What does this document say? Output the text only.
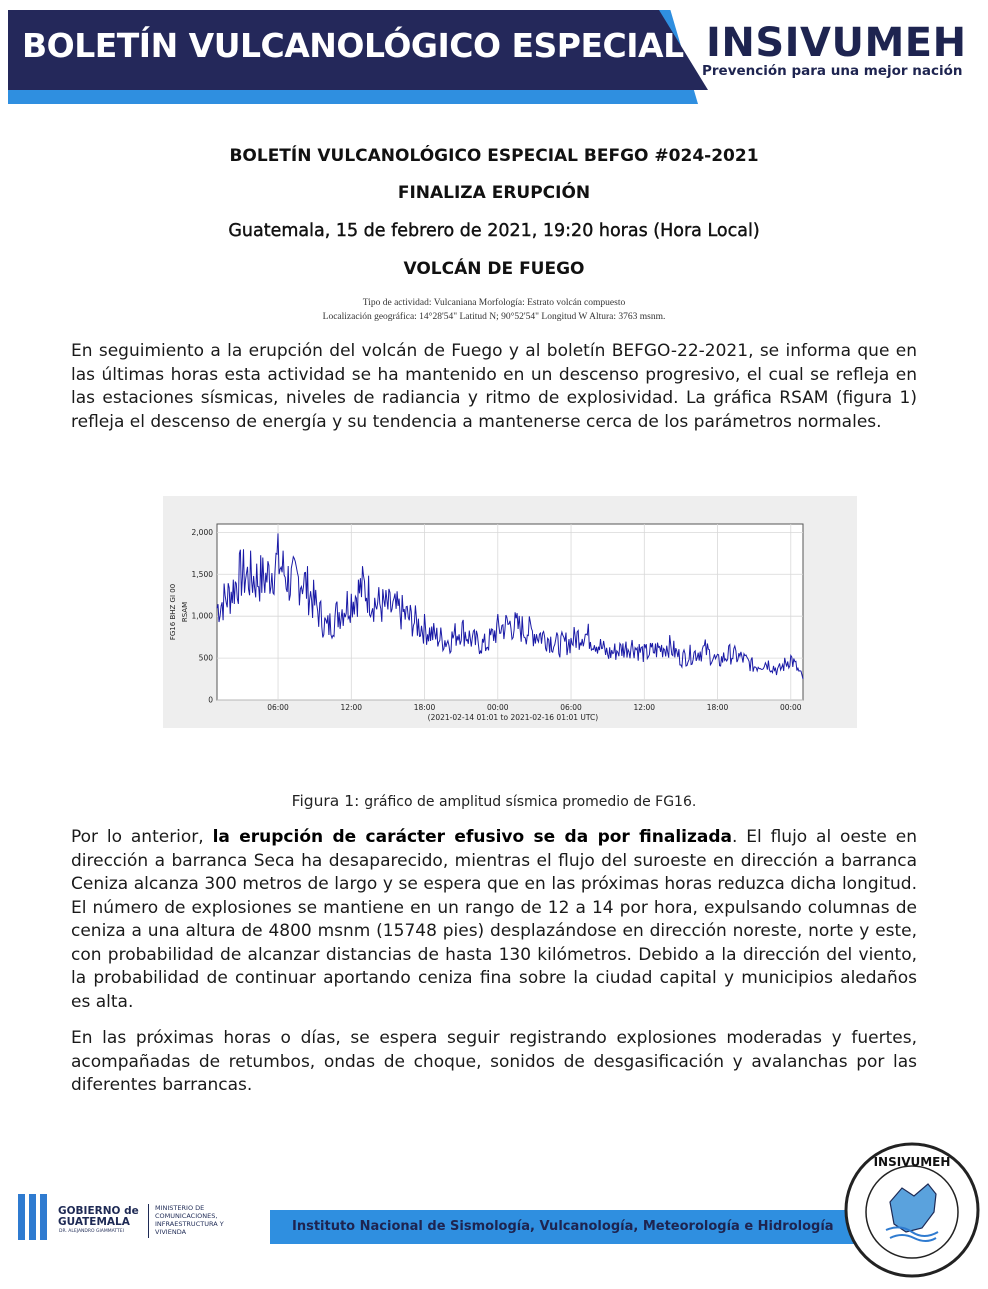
BOLETÍN VULCANOLÓGICO ESPECIAL INSIVUMEH
Prevención para una mejor nación
BOLETÍN VULCANOLÓGICO ESPECIAL BEFGO #024-2021
FINALIZA ERUPCIÓN
Guatemala, 15 de febrero de 2021, 19:20 horas (Hora Local)
VOLCÁN DE FUEGO
Tipo de actividad: Vulcaniana Morfología: Estrato volcán compuesto
Localización geográfica: 14°28'54" Latitud N; 90°52'54" Longitud W Altura: 3763 msnm.
En seguimiento a la erupción del volcán de Fuego y al boletín BEFGO-22-2021, se informa que en las últimas horas esta actividad se ha mantenido en un descenso progresivo, el cual se refleja en las estaciones sísmicas, niveles de radiancia y ritmo de explosividad. La gráfica RSAM (figura 1) refleja el descenso de energía y su tendencia a mantenerse cerca de los parámetros normales.
0
500
1,000
1,500
2,000
06:00	12:00	18:00	00:00	06:00	12:00	18:00	00:00
FG16 BHZ GI 00 RSAM
(2021-02-14 01:01 to 2021-02-16 01:01 UTC)
Figura 1: gráfico de amplitud sísmica promedio de FG16.
Por lo anterior, la erupción de carácter efusivo se da por finalizada. El flujo al oeste en dirección a barranca Seca ha desaparecido, mientras el flujo del suroeste en dirección a barranca Ceniza alcanza 300 metros de largo y se espera que en las próximas horas reduzca dicha longitud. El número de explosiones se mantiene en un rango de 12 a 14 por hora, expulsando columnas de ceniza a una altura de 4800 msnm (15748 pies) desplazándose en dirección noreste, norte y este, con probabilidad de alcanzar distancias de hasta 130 kilómetros. Debido a la dirección del viento, la probabilidad de continuar aportando ceniza fina sobre la ciudad capital y municipios aledaños es alta.
En las próximas horas o días, se espera seguir registrando explosiones moderadas y fuertes, acompañadas de retumbos, ondas de choque, sonidos de desgasificación y avalanchas por las diferentes barrancas.
GOBIERNO de GUATEMALA
DR. ALEJANDRO GIAMMATTEI
MINISTERIO DE COMUNICACIONES, INFRAESTRUCTURA Y VIVIENDA	Instituto Nacional de Sismología, Vulcanología, Meteorología e Hidrología
INSIVUMEH
